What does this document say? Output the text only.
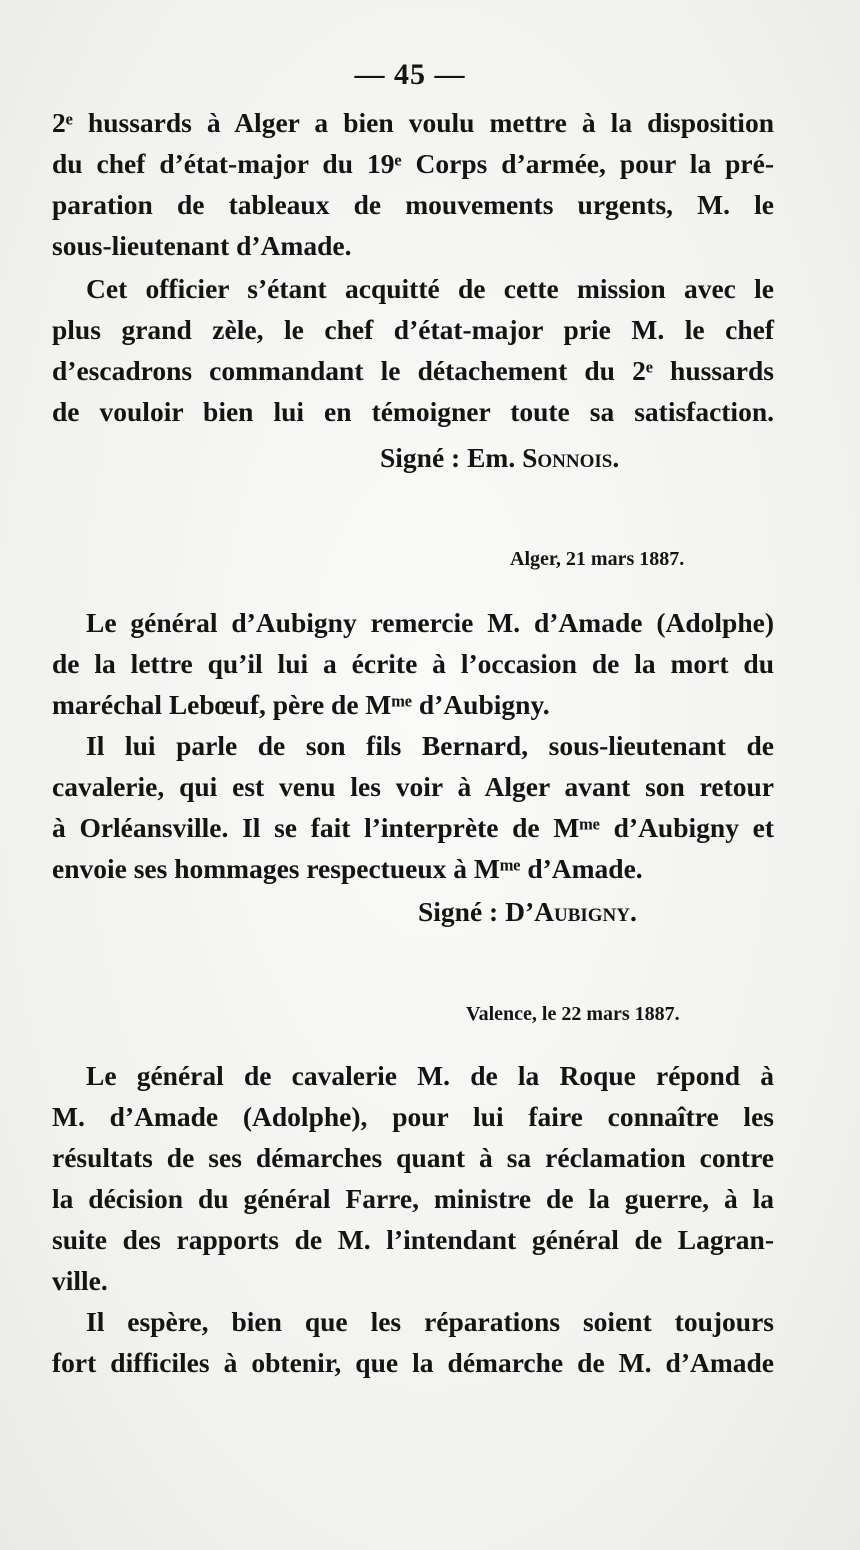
— 45 —

2ᵉ hussards à Alger a bien voulu mettre à la disposition

du chef d’état-major du 19ᵉ Corps d’armée, pour la pré-

paration de tableaux de mouvements urgents, M. le

sous-lieutenant d’Amade.

Cet officier s’étant acquitté de cette mission avec le

plus grand zèle, le chef d’état-major prie M. le chef

d’escadrons commandant le détachement du 2ᵉ hussards

de vouloir bien lui en témoigner toute sa satisfaction.

Signé : Em. Sonnois.
Alger, 21 mars 1887.

Le général d’Aubigny remercie M. d’Amade (Adolphe)

de la lettre qu’il lui a écrite à l’occasion de la mort du

maréchal Lebœuf, père de Mᵐᵉ d’Aubigny.

Il lui parle de son fils Bernard, sous-lieutenant de

cavalerie, qui est venu les voir à Alger avant son retour

à Orléansville. Il se fait l’interprète de Mᵐᵉ d’Aubigny et

envoie ses hommages respectueux à Mᵐᵉ d’Amade.

Signé : D’Aubigny.
Valence, le 22 mars 1887.

Le général de cavalerie M. de la Roque répond à

M. d’Amade (Adolphe), pour lui faire connaître les

résultats de ses démarches quant à sa réclamation contre

la décision du général Farre, ministre de la guerre, à la

suite des rapports de M. l’intendant général de Lagran-

ville.

Il espère, bien que les réparations soient toujours

fort difficiles à obtenir, que la démarche de M. d’Amade
